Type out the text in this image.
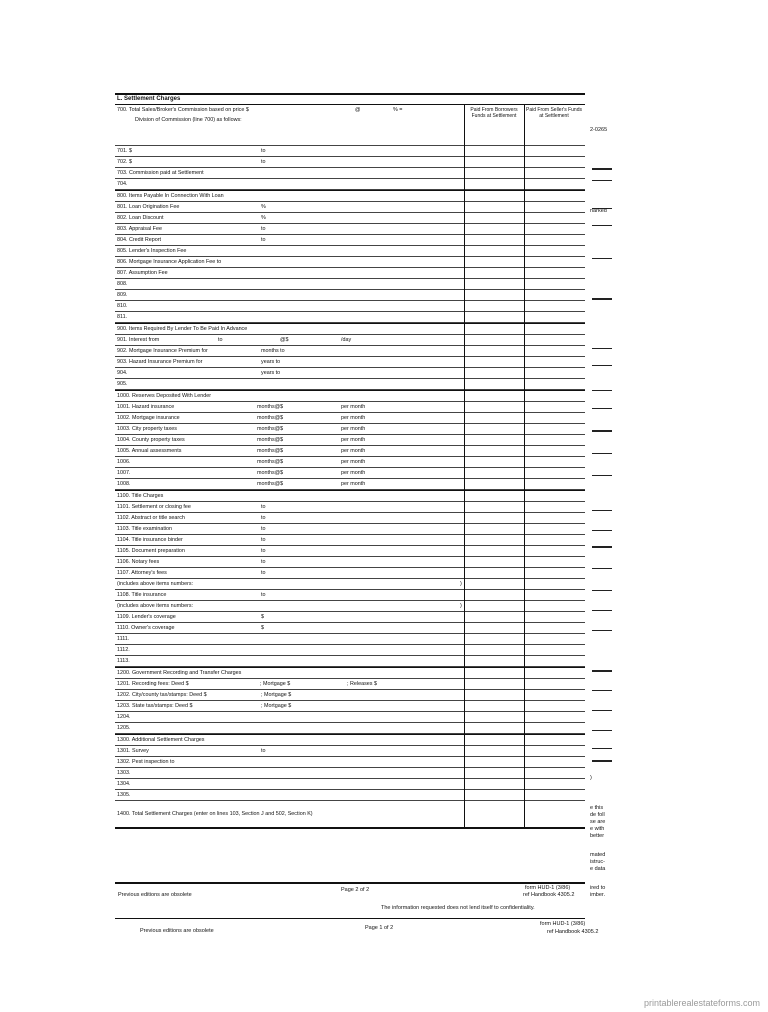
L. Settlement Charges
700. Total Sales/Broker's Commission based on price $	@	% =
Division of Commission (line 700) as follows:
Paid From Borrowers Funds at Settlement
Paid From Seller's Funds at Settlement
701. $	to
702. $	to
703. Commission paid at Settlement
704.
800. Items Payable In Connection With Loan
801. Loan Origination Fee	%
802. Loan Discount	%
803. Appraisal Fee	to
804. Credit Report	to
805. Lender's Inspection Fee
806. Mortgage Insurance Application Fee to
807. Assumption Fee
808.
809.
810.
811.
900. Items Required By Lender To Be Paid In Advance
901. Interest from	to	@$	/day
902. Mortgage Insurance Premium for	months to
903. Hazard Insurance Premium for	years to
904.	years to
905.
1000. Reserves Deposited With Lender
1001. Hazard insurance	months@$	per month
1002. Mortgage insurance	months@$	per month
1003. City property taxes	months@$	per month
1004. County property taxes	months@$	per month
1005. Annual assessments	months@$	per month
1006.	months@$	per month
1007.	months@$	per month
1008.	months@$	per month
1100. Title Charges
1101. Settlement or closing fee	to
1102. Abstract or title search	to
1103. Title examination	to
1104. Title insurance binder	to
1105. Document preparation	to
1106. Notary fees	to
1107. Attorney's fees	to
(includes above items numbers:	)
1108. Title insurance	to
(includes above items numbers:	)
1109. Lender's coverage	$
1110. Owner's coverage	$
1111.
1112.
1113.
1200. Government Recording and Transfer Charges
1201. Recording fees: Deed $	; Mortgage $	; Releases $
1202. City/county tax/stamps: Deed $	; Mortgage $
1203. State tax/stamps: Deed $	; Mortgage $
1204.
1205.
1300. Additional Settlement Charges
1301. Survey	to
1302. Pest inspection to
1303.
1304.
1305.
1400. Total Settlement Charges (enter on lines 103, Section J and 502, Section K)
2-0265
narked
)
e this
de foll
se are
e with
better
mated
istruc-
e data
ired to
imber.
Previous editions are obsolete
Page 2 of 2	form HUD-1 (3/86)
ref Handbook 4305.2
The information requested does not lend itself to confidentiality.
Previous editions are obsolete	Page 1 of 2
form HUD-1 (3/86)
ref Handbook 4305.2
printablerealestateforms.com
